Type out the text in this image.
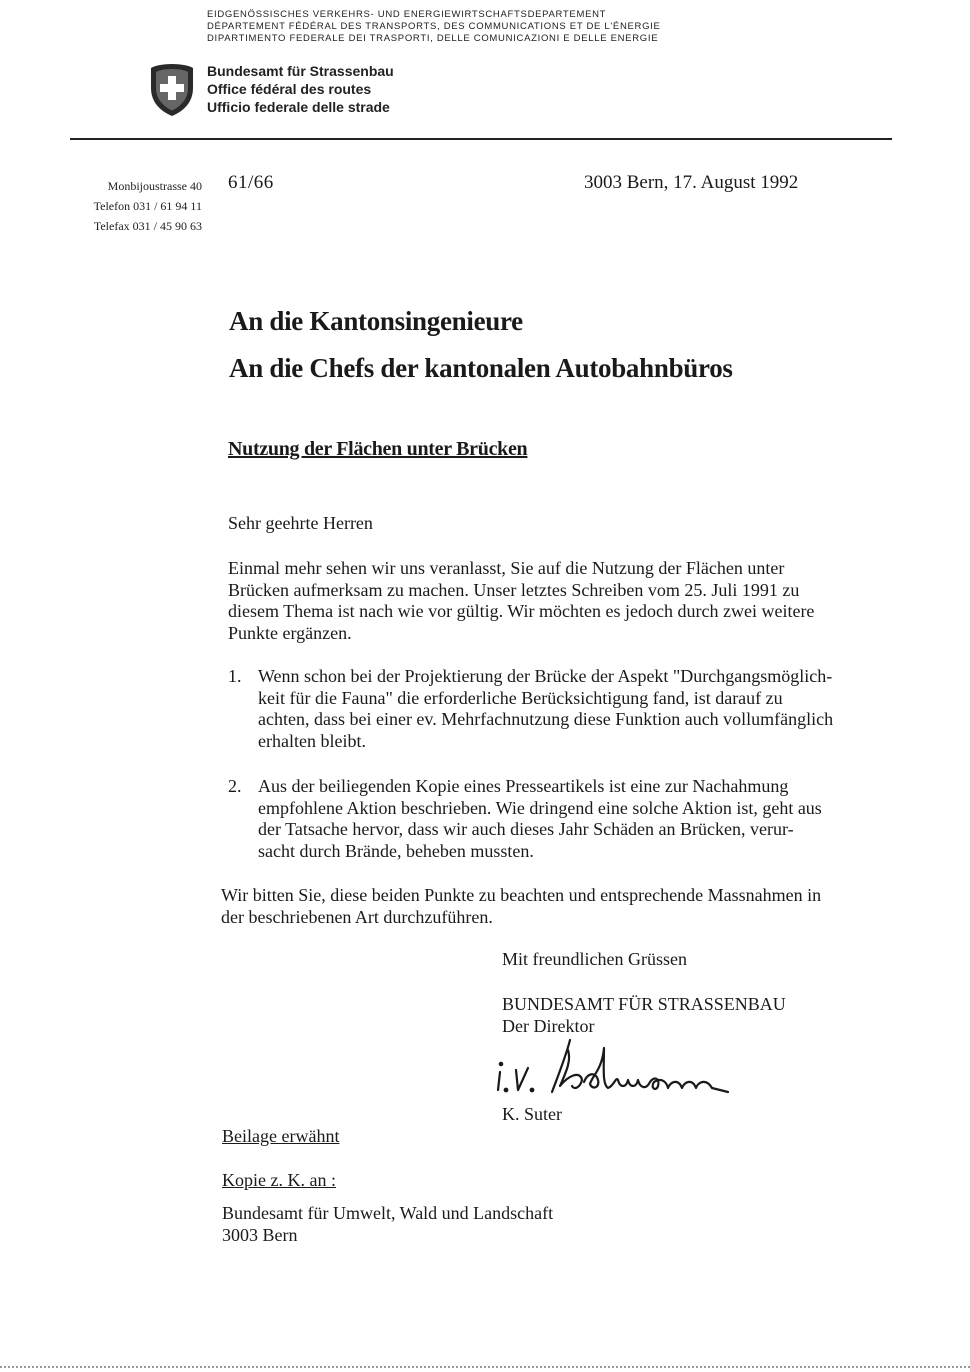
EIDGENÖSSISCHES VERKEHRS- UND ENERGIEWIRTSCHAFTSDEPARTEMENT
DÉPARTEMENT FÉDÉRAL DES TRANSPORTS, DES COMMUNICATIONS ET DE L'ÉNERGIE
DIPARTIMENTO FEDERALE DEI TRASPORTI, DELLE COMUNICAZIONI E DELLE ENERGIE
Bundesamt für Strassenbau
Office fédéral des routes
Ufficio federale delle strade
Monbijoustrasse 40
Telefon 031 / 61 94 11
Telefax 031 / 45 90 63
61/66	3003 Bern, 17. August 1992
An die Kantonsingenieure
An die Chefs der kantonalen Autobahnbüros
Nutzung der Flächen unter Brücken
Sehr geehrte Herren
Einmal mehr sehen wir uns veranlasst, Sie auf die Nutzung der Flächen unter
Brücken aufmerksam zu machen. Unser letztes Schreiben vom 25. Juli 1991 zu
diesem Thema ist nach wie vor gültig. Wir möchten es jedoch durch zwei weitere
Punkte ergänzen.
1. Wenn schon bei der Projektierung der Brücke der Aspekt "Durchgangsmöglich-
keit für die Fauna" die erforderliche Berücksichtigung fand, ist darauf zu
achten, dass bei einer ev. Mehrfachnutzung diese Funktion auch vollumfänglich
erhalten bleibt.
2. Aus der beiliegenden Kopie eines Presseartikels ist eine zur Nachahmung
empfohlene Aktion beschrieben. Wie dringend eine solche Aktion ist, geht aus
der Tatsache hervor, dass wir auch dieses Jahr Schäden an Brücken, verur-
sacht durch Brände, beheben mussten.
Wir bitten Sie, diese beiden Punkte zu beachten und entsprechende Massnahmen in
der beschriebenen Art durchzuführen.
Mit freundlichen Grüssen
BUNDESAMT FÜR STRASSENBAU
Der Direktor
K. Suter
Beilage erwähnt
Kopie z. K. an :
Bundesamt für Umwelt, Wald und Landschaft
3003 Bern
